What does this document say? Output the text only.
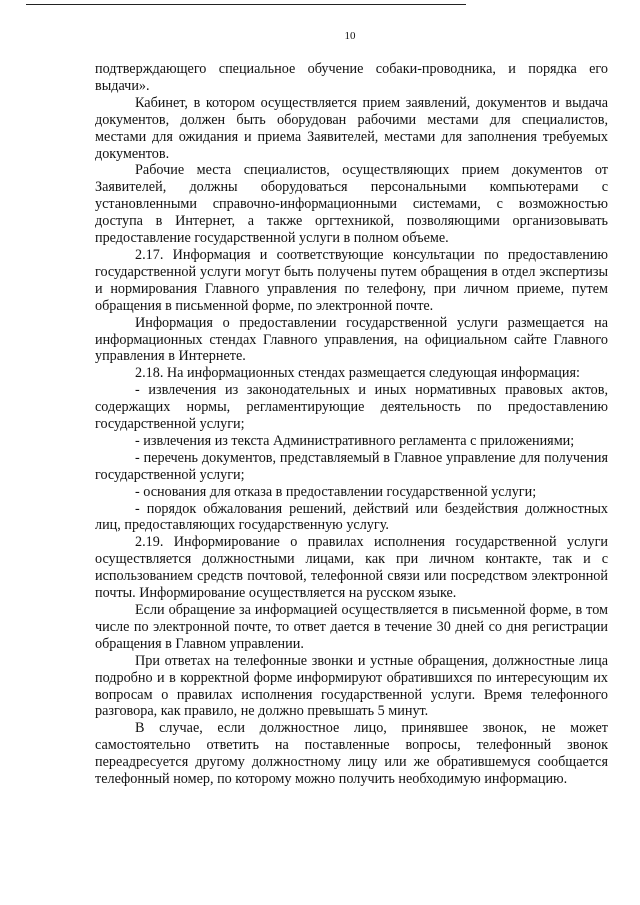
10

подтверждающего специальное обучение собаки-проводника, и порядка его выдачи».

Кабинет, в котором осуществляется прием заявлений, документов и выдача документов, должен быть оборудован рабочими местами для специалистов, местами для ожидания и приема Заявителей, местами для заполнения требуемых документов.

Рабочие места специалистов, осуществляющих прием документов от Заявителей, должны оборудоваться персональными компьютерами с установленными справочно-информационными системами, с возможностью доступа в Интернет, а также оргтехникой, позволяющими организовывать предоставление государственной услуги в полном объеме.

2.17. Информация и соответствующие консультации по предоставлению государственной услуги могут быть получены путем обращения в отдел экспертизы и нормирования Главного управления по телефону, при личном приеме, путем обращения в письменной форме, по электронной почте.

Информация о предоставлении государственной услуги размещается на информационных стендах Главного управления, на официальном сайте Главного управления в Интернете.

2.18. На информационных стендах размещается следующая информация:

- извлечения из законодательных и иных нормативных правовых актов, содержащих нормы, регламентирующие деятельность по предоставлению государственной услуги;

- извлечения из текста Административного регламента с приложениями;

- перечень документов, представляемый в Главное управление для получения государственной услуги;

- основания для отказа в предоставлении государственной услуги;

- порядок обжалования решений, действий или бездействия должностных лиц, предоставляющих государственную услугу.

2.19. Информирование о правилах исполнения государственной услуги осуществляется должностными лицами, как при личном контакте, так и с использованием средств почтовой, телефонной связи или посредством электронной почты. Информирование осуществляется на русском языке.

Если обращение за информацией осуществляется в письменной форме, в том числе по электронной почте, то ответ дается в течение 30 дней со дня регистрации обращения в Главном управлении.

При ответах на телефонные звонки и устные обращения, должностные лица подробно и в корректной форме информируют обратившихся по интересующим их вопросам о правилах исполнения государственной услуги. Время телефонного разговора, как правило, не должно превышать 5 минут.

В случае, если должностное лицо, принявшее звонок, не может самостоятельно ответить на поставленные вопросы, телефонный звонок переадресуется другому должностному лицу или же обратившемуся сообщается телефонный номер, по которому можно получить необходимую информацию.
